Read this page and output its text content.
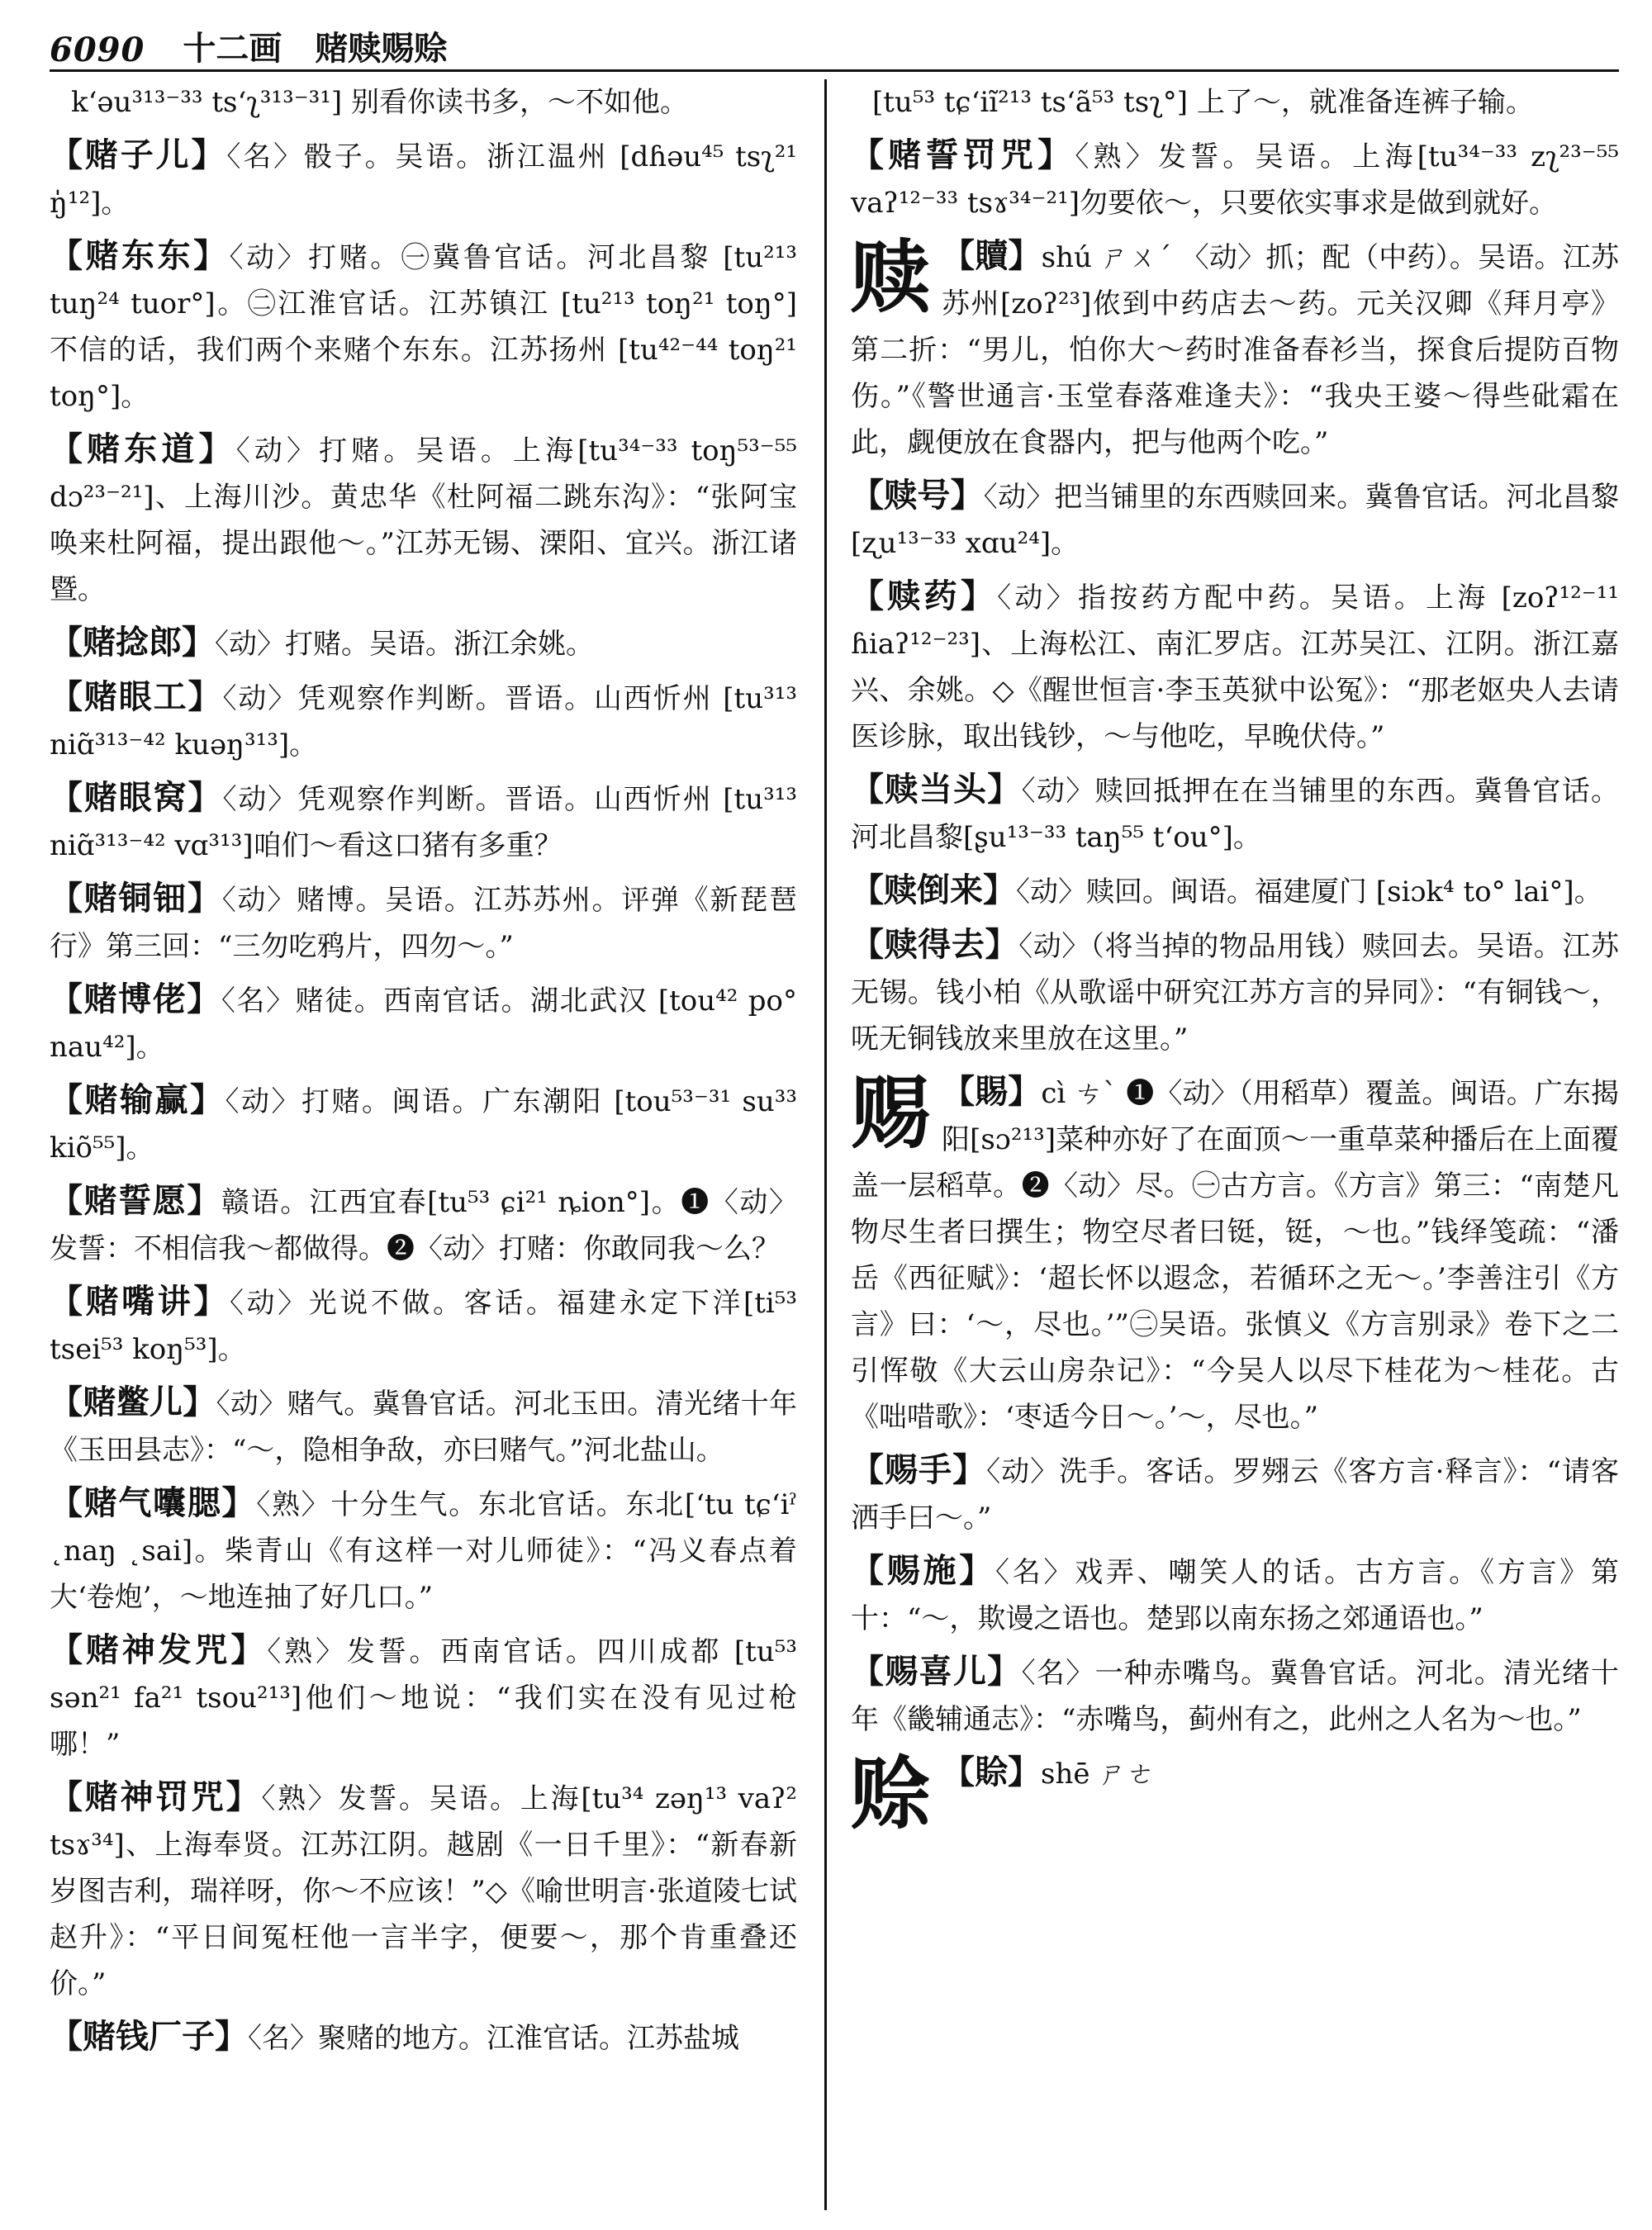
6090 十二画　赌赎赐赊
k‘əu³¹³⁻³³ tsʻʅ³¹³⁻³¹] 别看你读书多，～不如他。
【赌子儿】〈名〉骰子。吴语。浙江温州 [dɦəu⁴⁵ tsʅ²¹ ŋ̍¹²]。
【赌东东】〈动〉打赌。㊀冀鲁官话。河北昌黎 [tu²¹³ tuŋ²⁴ tuor°]。㊁江淮官话。江苏镇江 [tu²¹³ toŋ²¹ toŋ°] 不信的话，我们两个来赌个东东。江苏扬州 [tu⁴²⁻⁴⁴ toŋ²¹ toŋ°]。
【赌东道】〈动〉打赌。吴语。上海[tu³⁴⁻³³ toŋ⁵³⁻⁵⁵ dɔ²³⁻²¹]、上海川沙。黄忠华《杜阿福二跳东沟》：“张阿宝唤来杜阿福，提出跟他～。”江苏无锡、溧阳、宜兴。浙江诸暨。
【赌捻郎】〈动〉打赌。吴语。浙江余姚。
【赌眼工】〈动〉凭观察作判断。晋语。山西忻州 [tu³¹³ niɑ̃³¹³⁻⁴² kuəŋ³¹³]。
【赌眼窝】〈动〉凭观察作判断。晋语。山西忻州 [tu³¹³ niɑ̃³¹³⁻⁴² vɑ³¹³]咱们～看这口猪有多重？
【赌铜钿】〈动〉赌博。吴语。江苏苏州。评弹《新琵琶行》第三回：“三勿吃鸦片，四勿～。”
【赌博佬】〈名〉赌徒。西南官话。湖北武汉 [tou⁴² po° nau⁴²]。
【赌输赢】〈动〉打赌。闽语。广东潮阳 [tou⁵³⁻³¹ su³³ kiõ⁵⁵]。
【赌誓愿】赣语。江西宜春[tu⁵³ ɕi²¹ ȵion°]。❶〈动〉发誓：不相信我～都做得。❷〈动〉打赌：你敢同我～么？
【赌嘴讲】〈动〉光说不做。客话。福建永定下洋[ti⁵³ tsei⁵³ koŋ⁵³]。
【赌鳖儿】〈动〉赌气。冀鲁官话。河北玉田。清光绪十年《玉田县志》：“～，隐相争敌，亦曰赌气。”河北盐山。
【赌气囔腮】〈熟〉十分生气。东北官话。东北[ʻtu tɕʻiˀ ˛naŋ ˛sai]。柴青山《有这样一对儿师徒》：“冯义春点着大‘卷炮’，～地连抽了好几口。”
【赌神发咒】〈熟〉发誓。西南官话。四川成都 [tu⁵³ sən²¹ fa²¹ tsou²¹³]他们～地说：“我们实在没有见过枪哪！”
【赌神罚咒】〈熟〉发誓。吴语。上海[tu³⁴ zəŋ¹³ vaʔ² tsɤ³⁴]、上海奉贤。江苏江阴。越剧《一日千里》：“新春新岁图吉利，瑞祥呀，你～不应该！”◇《喻世明言·张道陵七试赵升》：“平日间冤枉他一言半字，便要～，那个肯重叠还价。”
【赌钱厂子】〈名〉聚赌的地方。江淮官话。江苏盐城
[tu⁵³ tɕʻiĩ²¹³ tsʻã⁵³ tsʅ°] 上了～，就准备连裤子输。
【赌誓罚咒】〈熟〉发誓。吴语。上海[tu³⁴⁻³³ zʅ²³⁻⁵⁵ vaʔ¹²⁻³³ tsɤ³⁴⁻²¹]勿要依～，只要依实事求是做到就好。
赎 【贖】shú ㄕㄨˊ 〈动〉抓；配（中药）。吴语。江苏苏州[zoʔ²³]侬到中药店去～药。元关汉卿《拜月亭》第二折：“男儿，怕你大～药时准备春衫当，探食后提防百物伤。”《警世通言·玉堂春落难逢夫》：“我央王婆～得些砒霜在此，觑便放在食器内，把与他两个吃。”
【赎号】〈动〉把当铺里的东西赎回来。冀鲁官话。河北昌黎 [ʐu¹³⁻³³ xɑu²⁴]。
【赎药】〈动〉指按药方配中药。吴语。上海 [zoʔ¹²⁻¹¹ ɦiaʔ¹²⁻²³]、上海松江、南汇罗店。江苏吴江、江阴。浙江嘉兴、余姚。◇《醒世恒言·李玉英狱中讼冤》：“那老妪央人去请医诊脉，取出钱钞，～与他吃，早晚伏侍。”
【赎当头】〈动〉赎回抵押在在当铺里的东西。冀鲁官话。河北昌黎[ʂu¹³⁻³³ taŋ⁵⁵ tʻou°]。
【赎倒来】〈动〉赎回。闽语。福建厦门 [siɔk⁴ to° lai°]。
【赎得去】〈动〉（将当掉的物品用钱）赎回去。吴语。江苏无锡。钱小柏《从歌谣中研究江苏方言的异同》：“有铜钱～，呒无铜钱放来里放在这里。”
赐 【賜】cì ㄘˋ ❶〈动〉（用稻草）覆盖。闽语。广东揭阳[sɔ²¹³]菜种亦好了在面顶～一重草菜种播后在上面覆盖一层稻草。❷〈动〉尽。㊀古方言。《方言》第三：“南楚凡物尽生者曰撰生；物空尽者曰铤，铤，～也。”钱绎笺疏：“潘岳《西征赋》：‘超长怀以遐念，若循环之无～。’李善注引《方言》曰：‘～，尽也。’”㊁吴语。张慎义《方言别录》卷下之二引恽敬《大云山房杂记》：“今吴人以尽下桂花为～桂花。古《咄唶歌》：‘枣适今日～。’～，尽也。”
【赐手】〈动〉洗手。客话。罗翙云《客方言·释言》：“请客洒手曰～。”
【赐施】〈名〉戏弄、嘲笑人的话。古方言。《方言》第十：“～，欺谩之语也。楚郢以南东扬之郊通语也。”
【赐喜儿】〈名〉一种赤嘴鸟。冀鲁官话。河北。清光绪十年《畿辅通志》：“赤嘴鸟，蓟州有之，此州之人名为～也。”
赊 【賒】shē ㄕㄜ
